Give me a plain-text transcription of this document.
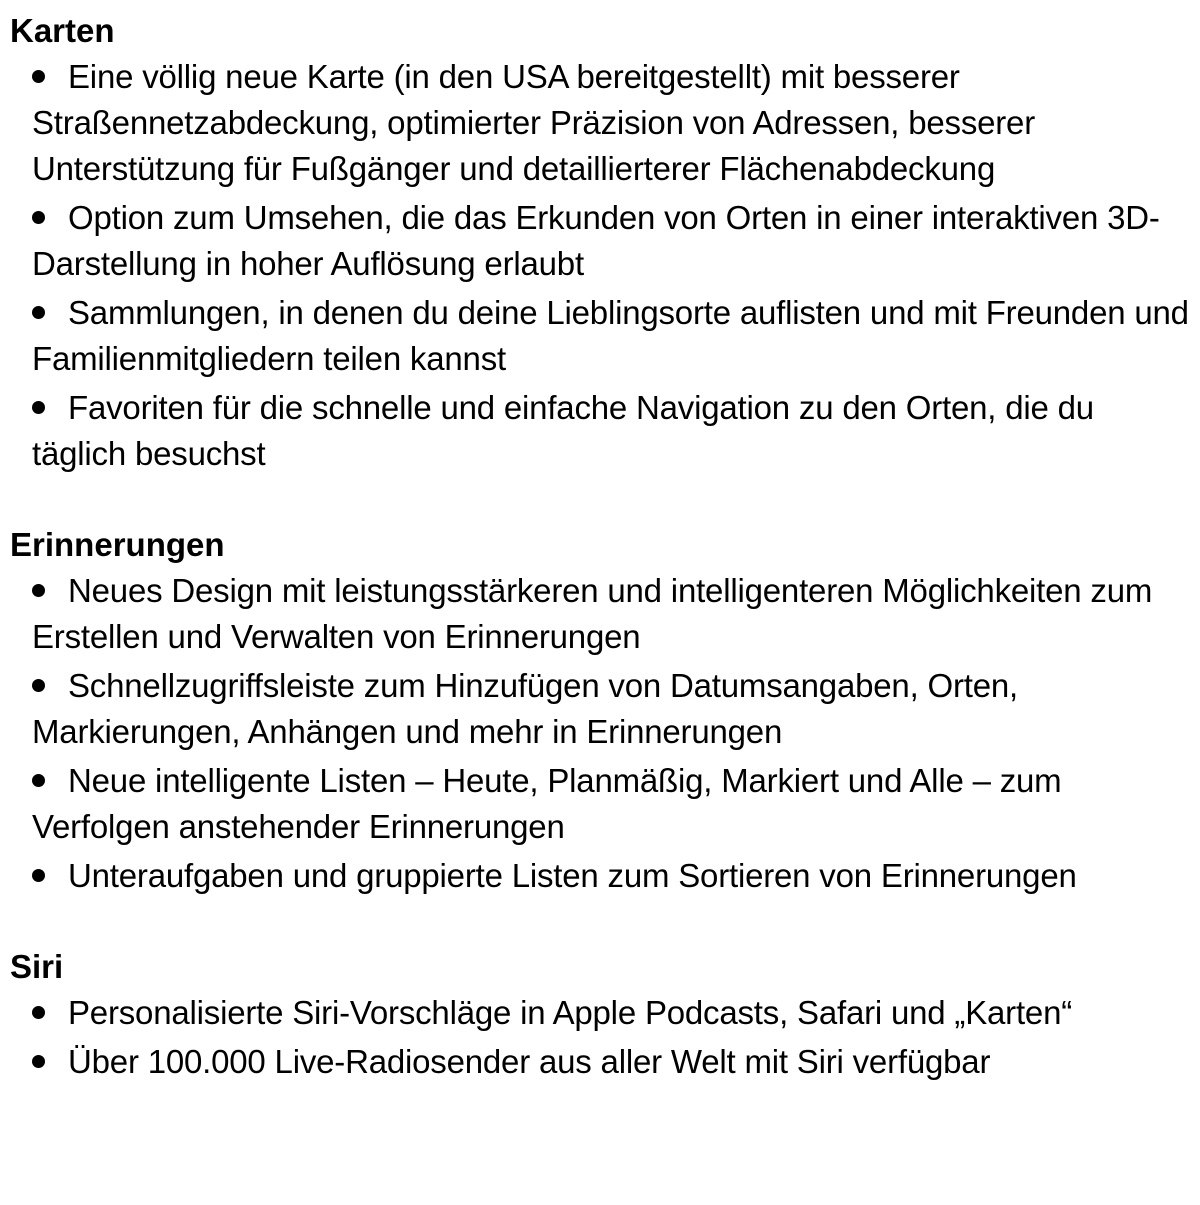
Karten
Eine völlig neue Karte (in den USA bereitgestellt) mit besserer Straßennetzabdeckung, optimierter Präzision von Adressen, besserer Unterstützung für Fußgänger und detaillierterer Flächenabdeckung
Option zum Umsehen, die das Erkunden von Orten in einer interaktiven 3D-Darstellung in hoher Auflösung erlaubt
Sammlungen, in denen du deine Lieblingsorte auflisten und mit Freunden und Familienmitgliedern teilen kannst
Favoriten für die schnelle und einfache Navigation zu den Orten, die du täglich besuchst
Erinnerungen
Neues Design mit leistungsstärkeren und intelligenteren Möglichkeiten zum Erstellen und Verwalten von Erinnerungen
Schnellzugriffsleiste zum Hinzufügen von Datumsangaben, Orten, Markierungen, Anhängen und mehr in Erinnerungen
Neue intelligente Listen – Heute, Planmäßig, Markiert und Alle – zum Verfolgen anstehender Erinnerungen
Unteraufgaben und gruppierte Listen zum Sortieren von Erinnerungen
Siri
Personalisierte Siri-Vorschläge in Apple Podcasts, Safari und „Karten“
Über 100.000 Live-Radiosender aus aller Welt mit Siri verfügbar
